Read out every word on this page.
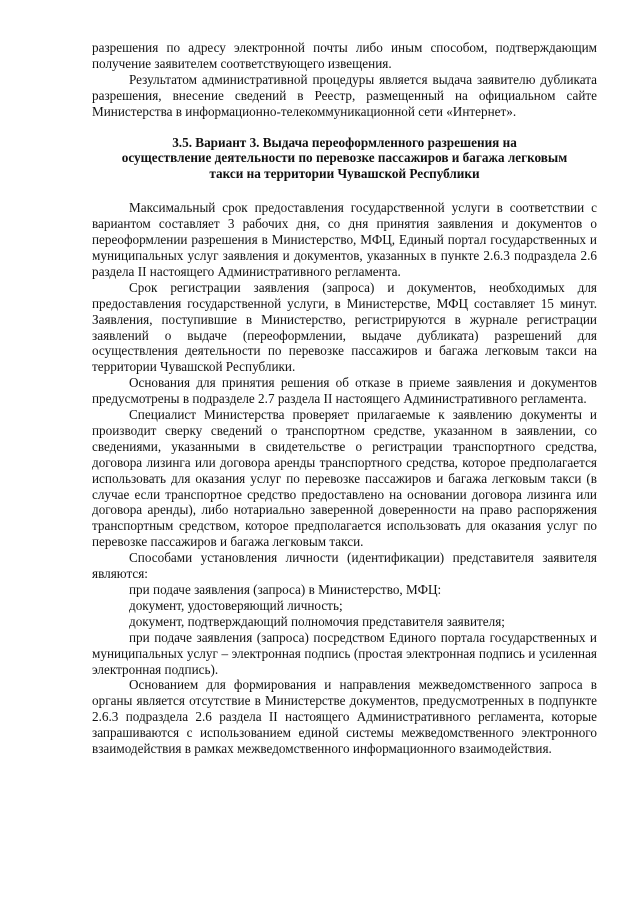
разрешения по адресу электронной почты либо иным способом, подтверждающим получение заявителем соответствующего извещения.

Результатом административной процедуры является выдача заявителю дубликата разрешения, внесение сведений в Реестр, размещенный на официальном сайте Министерства в информационно-телекоммуникационной сети «Интернет».

3.5. Вариант 3. Выдача переоформленного разрешения на
осуществление деятельности по перевозке пассажиров и багажа легковым
такси на территории Чувашской Республики

Максимальный срок предоставления государственной услуги в соответствии с вариантом составляет 3 рабочих дня, со дня принятия заявления и документов о переоформлении разрешения в Министерство, МФЦ, Единый портал государственных и муниципальных услуг заявления и документов, указанных в пункте 2.6.3 подраздела 2.6 раздела II настоящего Административного регламента.

Срок регистрации заявления (запроса) и документов, необходимых для предоставления государственной услуги, в Министерстве, МФЦ составляет 15 минут. Заявления, поступившие в Министерство, регистрируются в журнале регистрации заявлений о выдаче (переоформлении, выдаче дубликата) разрешений для осуществления деятельности по перевозке пассажиров и багажа легковым такси на территории Чувашской Республики.

Основания для принятия решения об отказе в приеме заявления и документов предусмотрены в подразделе 2.7 раздела II настоящего Административного регламента.

Специалист Министерства проверяет прилагаемые к заявлению документы и производит сверку сведений о транспортном средстве, указанном в заявлении, со сведениями, указанными в свидетельстве о регистрации транспортного средства, договора лизинга или договора аренды транспортного средства, которое предполагается использовать для оказания услуг по перевозке пассажиров и багажа легковым такси (в случае если транспортное средство предоставлено на основании договора лизинга или договора аренды), либо нотариально заверенной доверенности на право распоряжения транспортным средством, которое предполагается использовать для оказания услуг по перевозке пассажиров и багажа легковым такси.

Способами установления личности (идентификации) представителя заявителя являются:

при подаче заявления (запроса) в Министерство, МФЦ:

документ, удостоверяющий личность;

документ, подтверждающий полномочия представителя заявителя;

при подаче заявления (запроса) посредством Единого портала государственных и муниципальных услуг – электронная подпись (простая электронная подпись и усиленная электронная подпись).

Основанием для формирования и направления межведомственного запроса в органы является отсутствие в Министерстве документов, предусмотренных в подпункте 2.6.3 подраздела 2.6 раздела II настоящего Административного регламента, которые запрашиваются с использованием единой системы межведомственного электронного взаимодействия в рамках межведомственного информационного взаимодействия.
